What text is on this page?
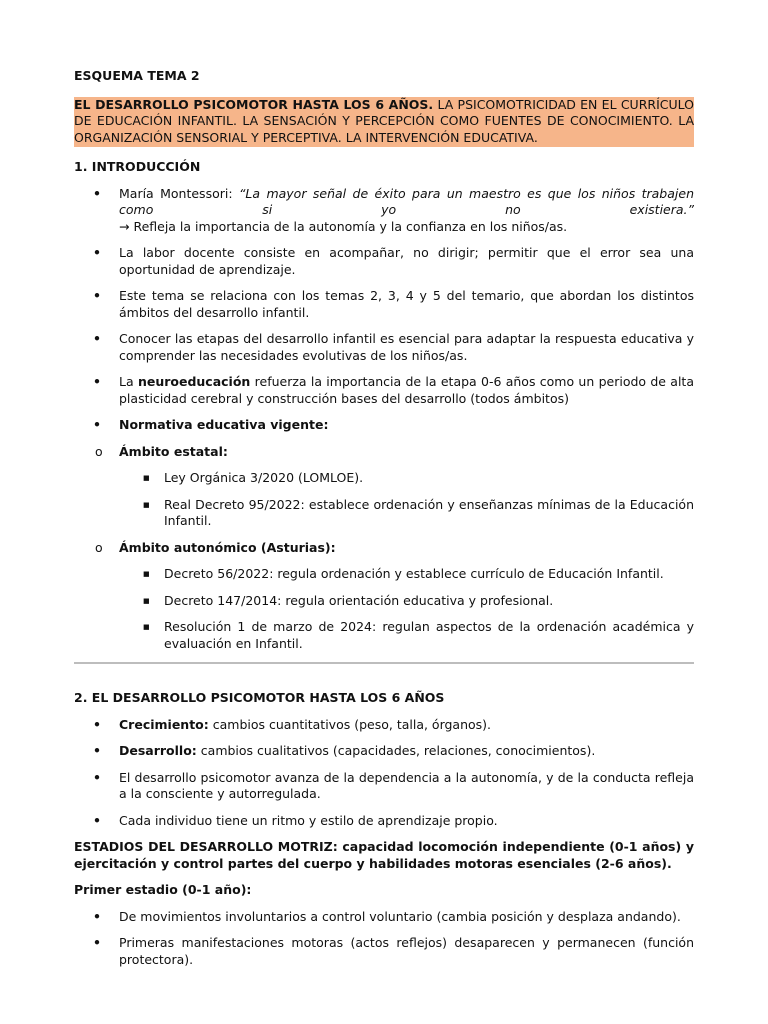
ESQUEMA TEMA 2
EL DESARROLLO PSICOMOTOR HASTA LOS 6 AÑOS. LA PSICOMOTRICIDAD EN EL CURRÍCULO DE EDUCACIÓN INFANTIL. LA SENSACIÓN Y PERCEPCIÓN COMO FUENTES DE CONOCIMIENTO. LA ORGANIZACIÓN SENSORIAL Y PERCEPTIVA. LA INTERVENCIÓN EDUCATIVA.
1. INTRODUCCIÓN
• María Montessori: “La mayor señal de éxito para un maestro es que los niños trabajen como si yo no existiera.”
→ Refleja la importancia de la autonomía y la confianza en los niños/as.
• La labor docente consiste en acompañar, no dirigir; permitir que el error sea una oportunidad de aprendizaje.
• Este tema se relaciona con los temas 2, 3, 4 y 5 del temario, que abordan los distintos ámbitos del desarrollo infantil.
• Conocer las etapas del desarrollo infantil es esencial para adaptar la respuesta educativa y comprender las necesidades evolutivas de los niños/as.
• La neuroeducación refuerza la importancia de la etapa 0-6 años como un periodo de alta plasticidad cerebral y construcción bases del desarrollo (todos ámbitos)
• Normativa educativa vigente:
o Ámbito estatal:
■ Ley Orgánica 3/2020 (LOMLOE).
■ Real Decreto 95/2022: establece ordenación y enseñanzas mínimas de la Educación Infantil.
o Ámbito autonómico (Asturias):
■ Decreto 56/2022: regula ordenación y establece currículo de Educación Infantil.
■ Decreto 147/2014: regula orientación educativa y profesional.
■ Resolución 1 de marzo de 2024: regulan aspectos de la ordenación académica y evaluación en Infantil.
2. EL DESARROLLO PSICOMOTOR HASTA LOS 6 AÑOS
• Crecimiento: cambios cuantitativos (peso, talla, órganos).
• Desarrollo: cambios cualitativos (capacidades, relaciones, conocimientos).
• El desarrollo psicomotor avanza de la dependencia a la autonomía, y de la conducta refleja a la consciente y autorregulada.
• Cada individuo tiene un ritmo y estilo de aprendizaje propio.
ESTADIOS DEL DESARROLLO MOTRIZ: capacidad locomoción independiente (0-1 años) y ejercitación y control partes del cuerpo y habilidades motoras esenciales (2-6 años).
Primer estadio (0-1 año):
• De movimientos involuntarios a control voluntario (cambia posición y desplaza andando).
• Primeras manifestaciones motoras (actos reflejos) desaparecen y permanecen (función protectora).
